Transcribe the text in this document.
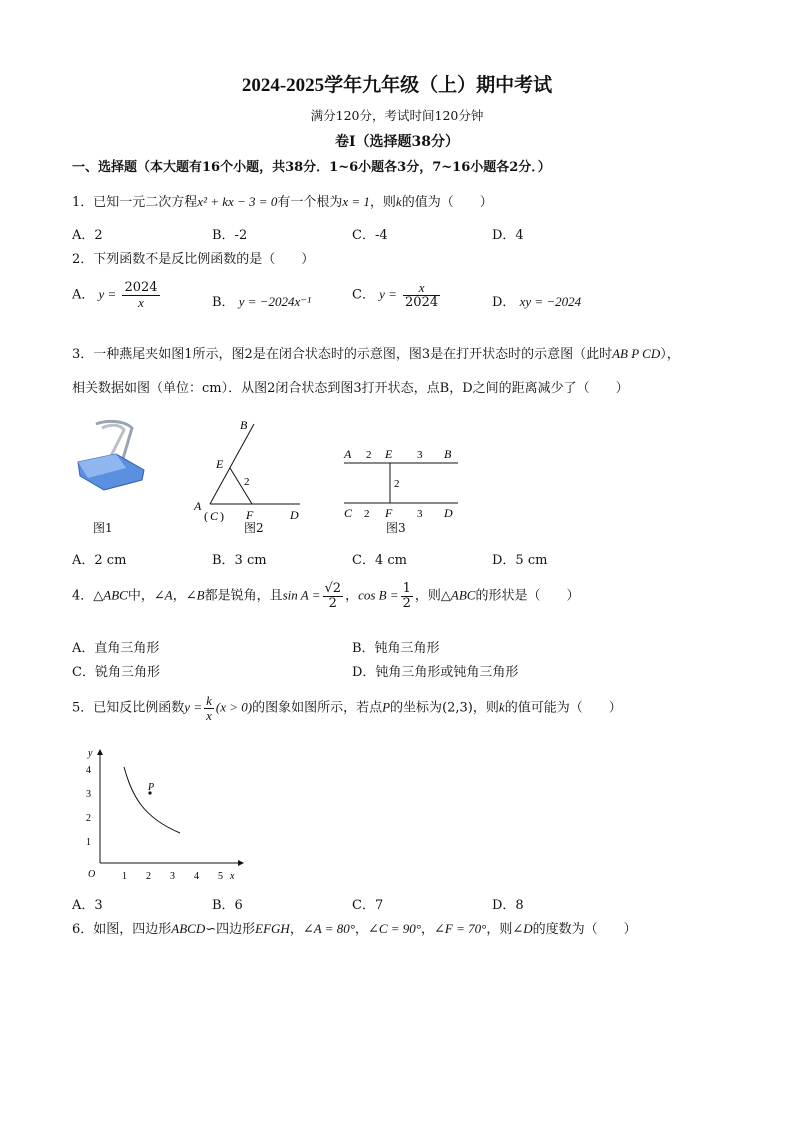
2024-2025学年九年级（上）期中考试
满分120分，考试时间120分钟
卷Ⅰ（选择题38分）
一、选择题（本大题有16个小题，共38分．1~6小题各3分，7~16小题各2分．）
1．已知一元二次方程x² + kx − 3 = 0有一个根为x = 1，则k的值为（　　）
A．2	B．-2	C．-4	D．4
2．下列函数不是反比例函数的是（　　）
A． $y = \frac{2024}{x}$	B． y = −2024x⁻¹	C． $y = \frac{x}{2024}$	D． xy = −2024
3．一种燕尾夹如图1所示，图2是在闭合状态时的示意图，图3是在打开状态时的示意图（此时AB P CD），
相关数据如图（单位：cm）．从图2闭合状态到图3打开状态，点B，D之间的距离减少了（　　）
图1
B
E
2
A
( C ) F	D
图2
A 2 E 3 B
2
C 2 F 3 D
图3
A．2 cm	B．3 cm	C．4 cm	D．5 cm
4．△ABC中，∠A，∠B都是锐角，且$\sin A = \frac{√2}{2}$ ，$\cos B = \frac{1}{2}$ ，则△ABC的形状是（　　）
A．直角三角形	B．钝角三角形
C．锐角三角形	D．钝角三角形或钝角三角形
5．已知反比例函数$y = \frac{k}{x} (x > 0)$的图象如图所示，若点P的坐标为(2,3)，则k的值可能为（　　）
y
x
O
1
2
3
4
1 2 3 4 5
P
A．3	B．6	C．7	D．8
6．如图，四边形ABCD∽四边形EFGH，∠A = 80°，∠C = 90°，∠F = 70°，则∠D的度数为（　　）
